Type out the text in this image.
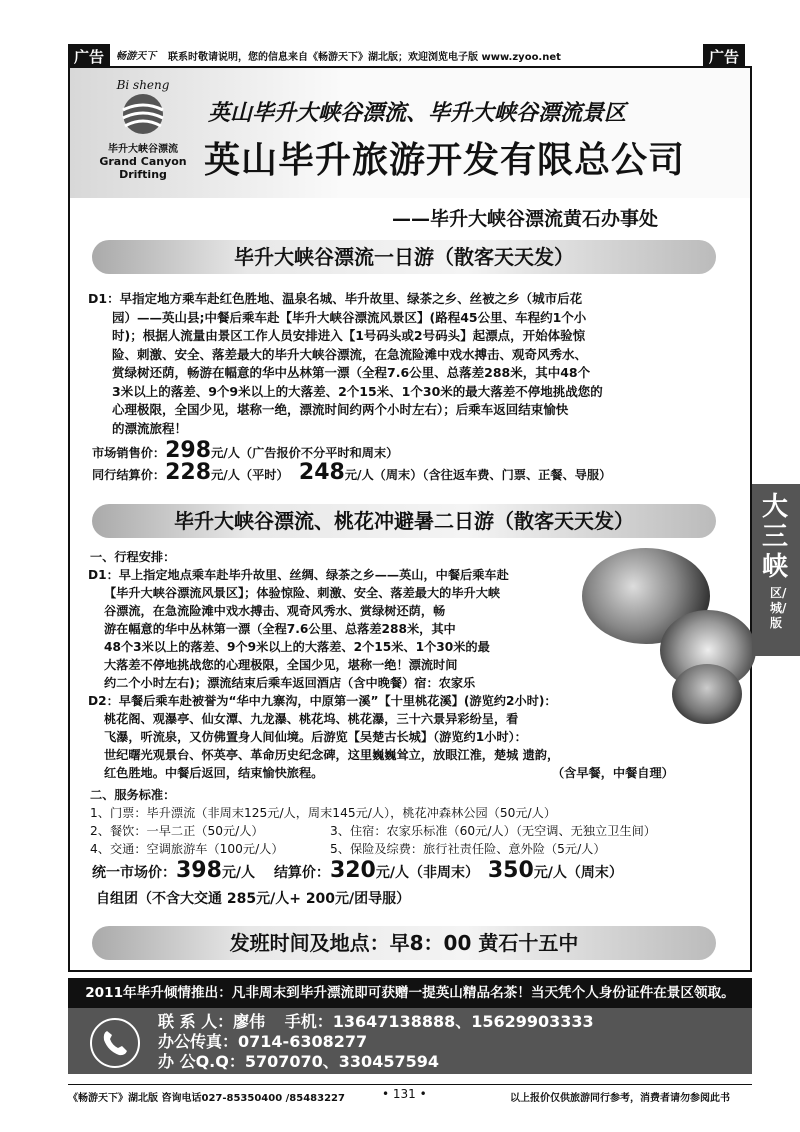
广告	畅游天下 联系时敬请说明，您的信息来自《畅游天下》湖北版；欢迎浏览电子版 www.zyoo.net	广告
Bi sheng
毕升大峡谷漂流
Grand Canyon
Drifting
英山毕升大峡谷漂流、毕升大峡谷漂流景区
英山毕升旅游开发有限总公司
——毕升大峡谷漂流黄石办事处
毕升大峡谷漂流一日游（散客天天发）
D1：早指定地方乘车赴红色胜地、温泉名城、毕升故里、绿茶之乡、丝被之乡（城市后花
园）——英山县;中餐后乘车赴【毕升大峡谷漂流风景区】(路程45公里、车程约1个小
时)；根据人流量由景区工作人员安排进入【1号码头或2号码头】起漂点，开始体验惊
险、刺激、安全、落差最大的毕升大峡谷漂流，在急流险滩中戏水搏击、观奇风秀水、
赏绿树还荫，畅游在幅意的华中丛林第一漂（全程7.6公里、总落差288米，其中48个
3米以上的落差、9个9米以上的大落差、2个15米、1个30米的最大落差不停地挑战您的
心理极限，全国少见，堪称一绝，漂流时间约两个小时左右）；后乘车返回结束愉快
的漂流旅程！
市场销售价：298元/人（广告报价不分平时和周末）
同行结算价：228元/人（平时） 248元/人（周末）（含往返车费、门票、正餐、导服）
毕升大峡谷漂流、桃花冲避暑二日游（散客天天发）
一、行程安排：
D1：早上指定地点乘车赴毕升故里、丝绸、绿茶之乡——英山，中餐后乘车赴
【毕升大峡谷漂流风景区】；体验惊险、刺激、安全、落差最大的毕升大峡
谷漂流，在急流险滩中戏水搏击、观奇风秀水、赏绿树还荫，畅
游在幅意的华中丛林第一漂（全程7.6公里、总落差288米，其中
48个3米以上的落差、9个9米以上的大落差、2个15米、1个30米的最
大落差不停地挑战您的心理极限，全国少见，堪称一绝！漂流时间
约二个小时左右)；漂流结束后乘车返回酒店（含中晚餐）宿：农家乐
D2：早餐后乘车赴被誉为“华中九寨沟，中原第一溪”【十里桃花溪】(游览约2小时)：
桃花阁、观瀑亭、仙女潭、九龙瀑、桃花坞、桃花瀑，三十六景异彩纷呈，看
飞瀑，听流泉，又仿佛置身人间仙境。后游览【吴楚古长城】（游览约1小时）：
世纪曙光观景台、怀英亭、革命历史纪念碑，这里巍巍耸立，放眼江淮，楚城 遗韵，
红色胜地。中餐后返回，结束愉快旅程。	（含早餐，中餐自理）
二、服务标准：
1、门票：毕升漂流（非周末125元/人，周末145元/人），桃花冲森林公园（50元/人）
2、餐饮：一早二正（50元/人）	3、住宿：农家乐标准（60元/人）（无空调、无独立卫生间）
4、交通：空调旅游车（100元/人）	5、保险及综费：旅行社责任险、意外险（5元/人）
统一市场价：398元/人 结算价：320元/人（非周末） 350元/人（周末）
自组团（不含大交通 285元/人+ 200元/团导服）
发班时间及地点：早8：00 黄石十五中
2011年毕升倾情推出：凡非周末到毕升漂流即可获赠一提英山精品名茶！当天凭个人身份证件在景区领取。
联 系 人：廖伟 手机：13647138888、15629903333
办公传真：0714-6308277
办 公Q.Q：5707070、330457594
大三峡
区/城/版
《畅游天下》湖北版 咨询电话027-85350400 /85483227	• 131 •	以上报价仅供旅游同行参考，消费者请勿参阅此书
